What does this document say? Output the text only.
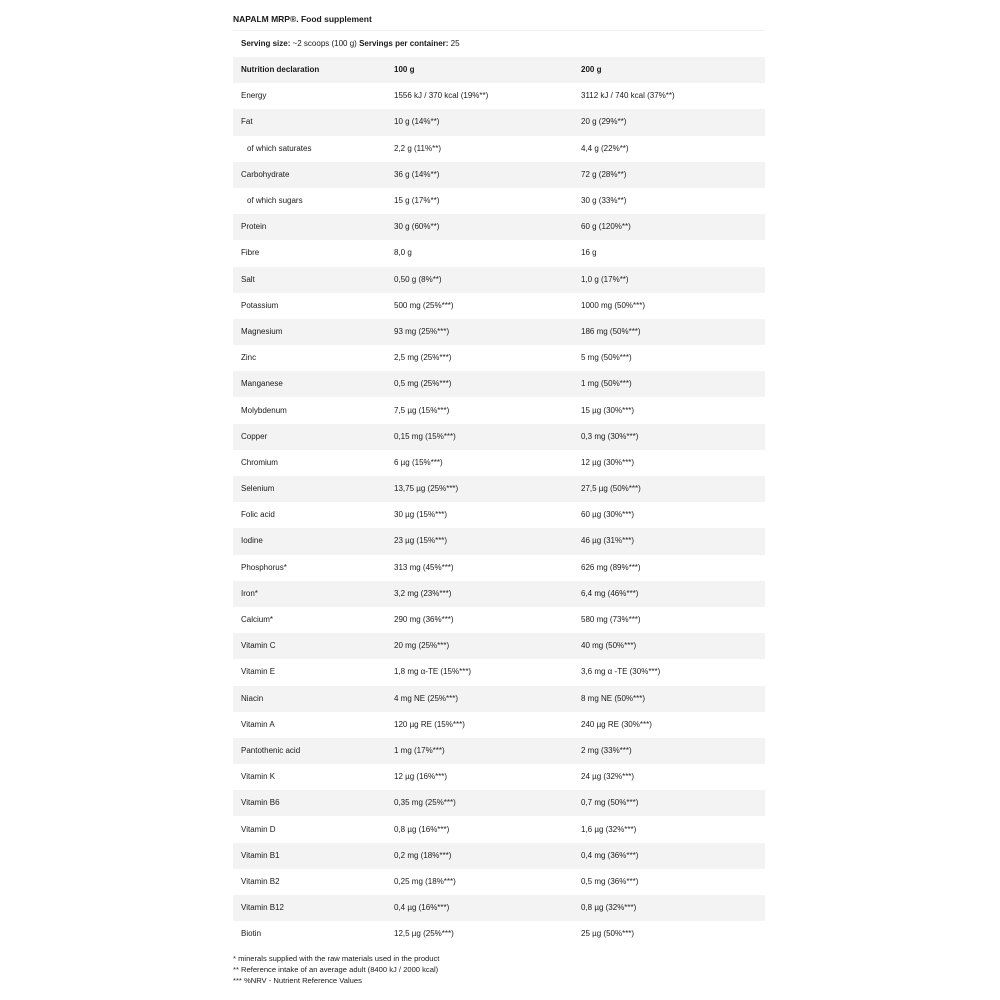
NAPALM MRP®. Food supplement
Serving size: ~2 scoops (100 g) Servings per container: 25
Nutrition declaration	100 g	200 g
Energy	1556 kJ / 370 kcal (19%**)	3112 kJ / 740 kcal (37%**)
Fat	10 g (14%**)	20 g (29%**)
of which saturates	2,2 g (11%**)	4,4 g (22%**)
Carbohydrate	36 g (14%**)	72 g (28%**)
of which sugars	15 g (17%**)	30 g (33%**)
Protein	30 g (60%**)	60 g (120%**)
Fibre	8,0 g	16 g
Salt	0,50 g (8%**)	1,0 g (17%**)
Potassium	500 mg (25%***)	1000 mg (50%***)
Magnesium	93 mg (25%***)	186 mg (50%***)
Zinc	2,5 mg (25%***)	5 mg (50%***)
Manganese	0,5 mg (25%***)	1 mg (50%***)
Molybdenum	7,5 µg (15%***)	15 µg (30%***)
Copper	0,15 mg (15%***)	0,3 mg (30%***)
Chromium	6 µg (15%***)	12 µg (30%***)
Selenium	13,75 µg (25%***)	27,5 µg (50%***)
Folic acid	30 µg (15%***)	60 µg (30%***)
Iodine	23 µg (15%***)	46 µg (31%***)
Phosphorus*	313 mg (45%***)	626 mg (89%***)
Iron*	3,2 mg (23%***)	6,4 mg (46%***)
Calcium*	290 mg (36%***)	580 mg (73%***)
Vitamin C	20 mg (25%***)	40 mg (50%***)
Vitamin E	1,8 mg α-TE (15%***)	3,6 mg α -TE (30%***)
Niacin	4 mg NE (25%***)	8 mg NE (50%***)
Vitamin A	120 µg RE (15%***)	240 µg RE (30%***)
Pantothenic acid	1 mg (17%***)	2 mg (33%***)
Vitamin K	12 µg (16%***)	24 µg (32%***)
Vitamin B6	0,35 mg (25%***)	0,7 mg (50%***)
Vitamin D	0,8 µg (16%***)	1,6 µg (32%***)
Vitamin B1	0,2 mg (18%***)	0,4 mg (36%***)
Vitamin B2	0,25 mg (18%***)	0,5 mg (36%***)
Vitamin B12	0,4 µg (16%***)	0,8 µg (32%***)
Biotin	12,5 µg (25%***)	25 µg (50%***)
* minerals supplied with the raw materials used in the product
** Reference intake of an average adult (8400 kJ / 2000 kcal)
*** %NRV - Nutrient Reference Values
